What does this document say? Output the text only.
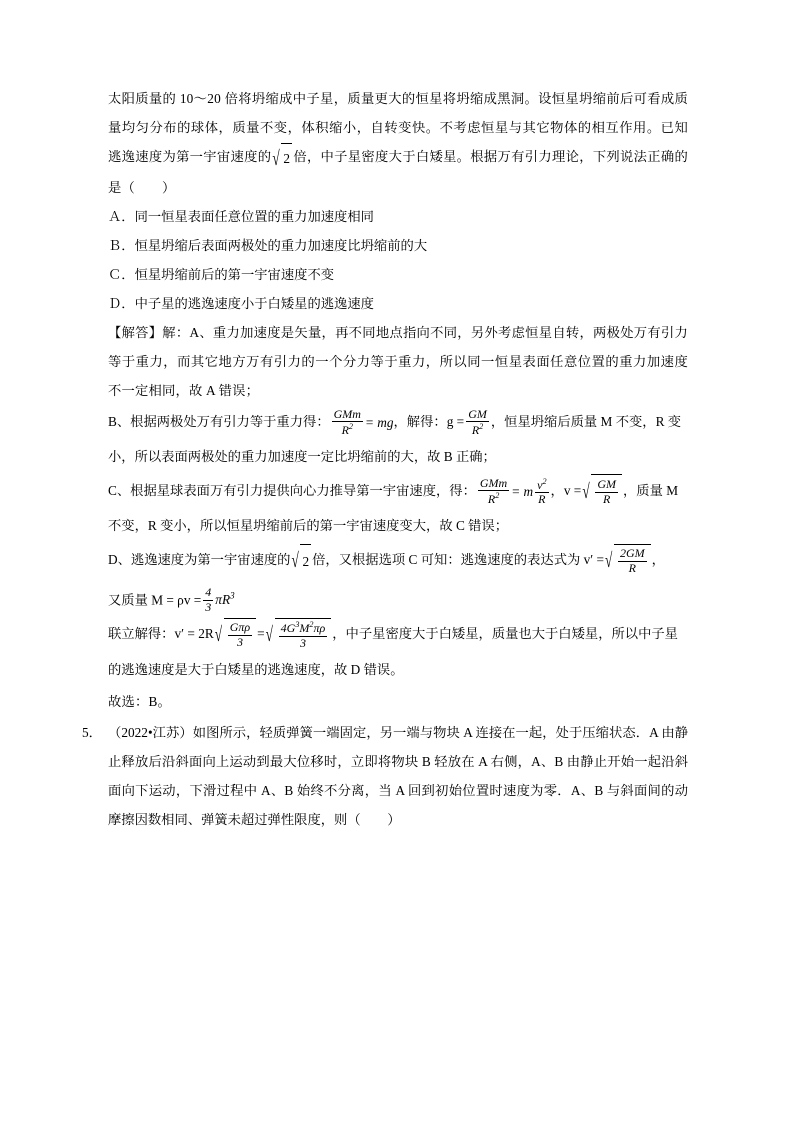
太阳质量的 10～20 倍将坍缩成中子星，质量更大的恒星将坍缩成黑洞。设恒星坍缩前后可看成质量均匀分布的球体，质量不变，体积缩小，自转变快。不考虑恒星与其它物体的相互作用。已知逃逸速度为第一宇宙速度的 √ 2 倍，中子星密度大于白矮星。根据万有引力理论，下列说法正确的是（　　）
Ａ．同一恒星表面任意位置的重力加速度相同
Ｂ．恒星坍缩后表面两极处的重力加速度比坍缩前的大
Ｃ．恒星坍缩前后的第一宇宙速度不变
Ｄ．中子星的逃逸速度小于白矮星的逃逸速度
【解答】解：A、重力加速度是矢量，再不同地点指向不同，另外考虑恒星自转，两极处万有引力等于重力，而其它地方万有引力的一个分力等于重力，所以同一恒星表面任意位置的重力加速度不一定相同，故 A 错误；
B、根据两极处万有引力等于重力得： $\frac{\text{GMm}}{R^2}$ = mg，解得：$g = \frac{GM}{R^2}$ ，恒星坍缩后质量 M 不变，R 变小，所以表面两极处的重力加速度一定比坍缩前的大，故 B 正确；
C、根据星球表面万有引力提供向心力推导第一宇宙速度，得： $\frac{\text{GMm}}{R^2} = m \frac{v^2}{R}$ ，v = √ $\frac{GM}{R}$ ，质量 M 不变，R 变小，所以恒星坍缩前后的第一宇宙速度变大，故 C 错误；
D、逃逸速度为第一宇宙速度的 √ 2 倍，又根据选项 C 可知：逃逸速度的表达式为 v′ = √ $\frac{2GM}{R}$ ，
又质量 $M = \rho v = \frac{4}{3} \pi R^3$
联立解得：v′ = 2R √ $\frac{\text{Gπρ}}{3}$ = √ $\frac{4G^3M^2\pi\rho}{3}$ ，中子星密度大于白矮星，质量也大于白矮星，所以中子星的逃逸速度是大于白矮星的逃逸速度，故 D 错误。
故选：B。
5． （2022•江苏）如图所示，轻质弹簧一端固定，另一端与物块 A 连接在一起，处于压缩状态．A 由静止释放后沿斜面向上运动到最大位移时，立即将物块 B 轻放在 A 右侧，A、B 由静止开始一起沿斜面向下运动，下滑过程中 A、B 始终不分离，当 A 回到初始位置时速度为零．A、B 与斜面间的动摩擦因数相同、弹簧未超过弹性限度，则（　　）
